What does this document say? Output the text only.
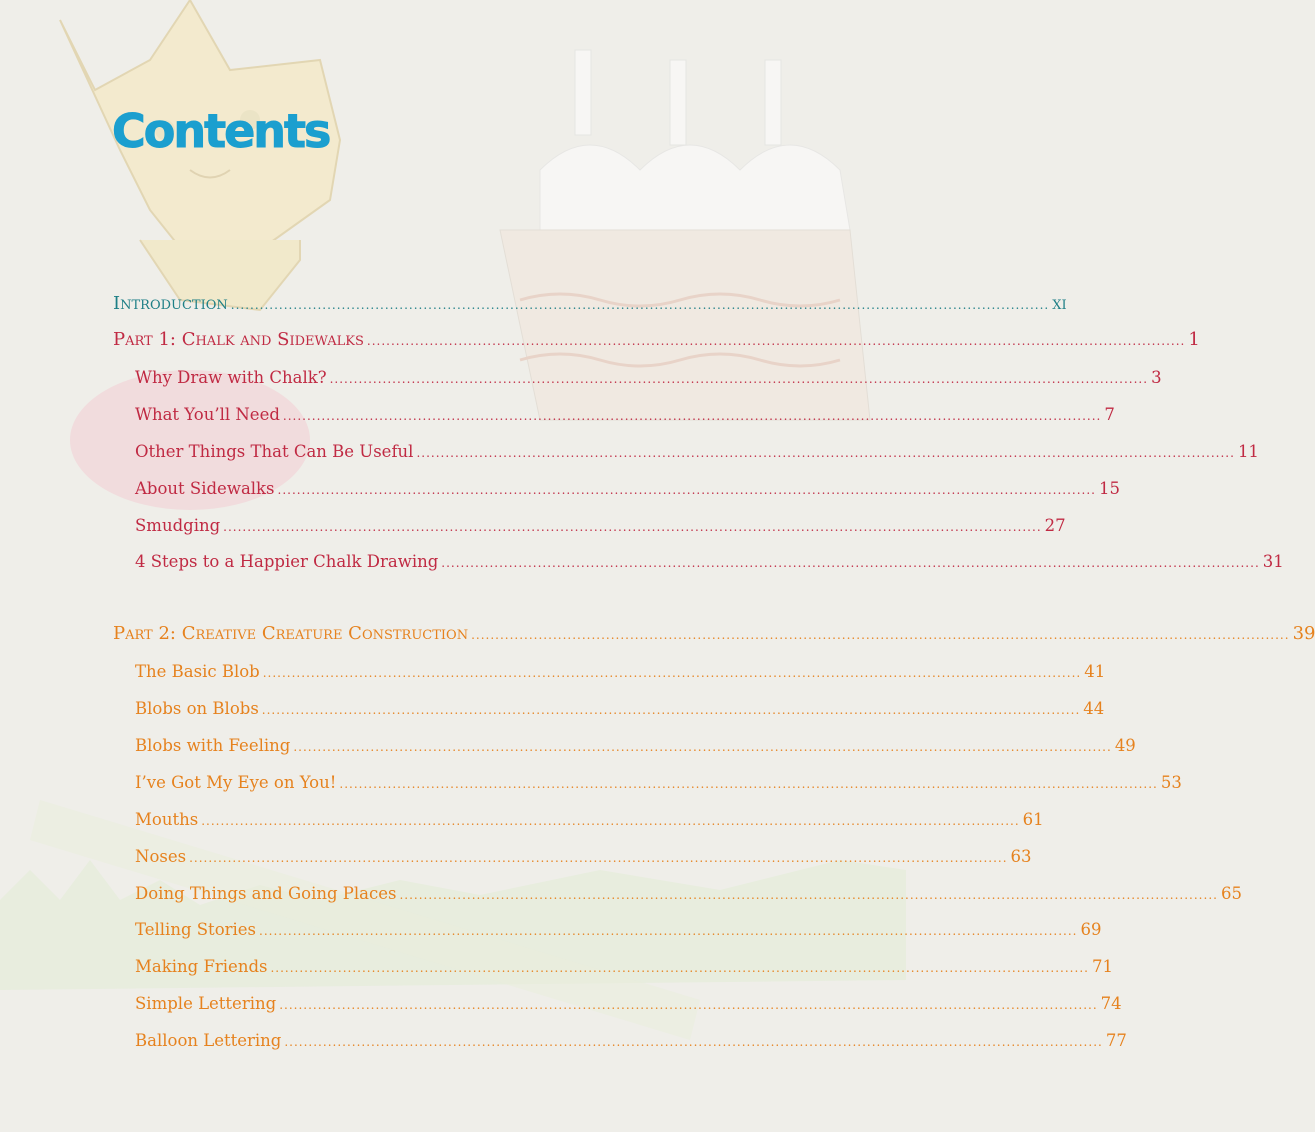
Contents
Introduction .......................................................................................................................................................................... xi
Part 1: Chalk and Sidewalks .......................................................................................................................................................................... 1
Why Draw with Chalk? .......................................................................................................................................................................... 3
What You’ll Need .......................................................................................................................................................................... 7
Other Things That Can Be Useful .......................................................................................................................................................................... 11
About Sidewalks .......................................................................................................................................................................... 15
Smudging .......................................................................................................................................................................... 27
4 Steps to a Happier Chalk Drawing .......................................................................................................................................................................... 31
Part 2: Creative Creature Construction .......................................................................................................................................................................... 39
The Basic Blob .......................................................................................................................................................................... 41
Blobs on Blobs .......................................................................................................................................................................... 44
Blobs with Feeling .......................................................................................................................................................................... 49
I’ve Got My Eye on You! .......................................................................................................................................................................... 53
Mouths .......................................................................................................................................................................... 61
Noses .......................................................................................................................................................................... 63
Doing Things and Going Places .......................................................................................................................................................................... 65
Telling Stories .......................................................................................................................................................................... 69
Making Friends .......................................................................................................................................................................... 71
Simple Lettering .......................................................................................................................................................................... 74
Balloon Lettering .......................................................................................................................................................................... 77
